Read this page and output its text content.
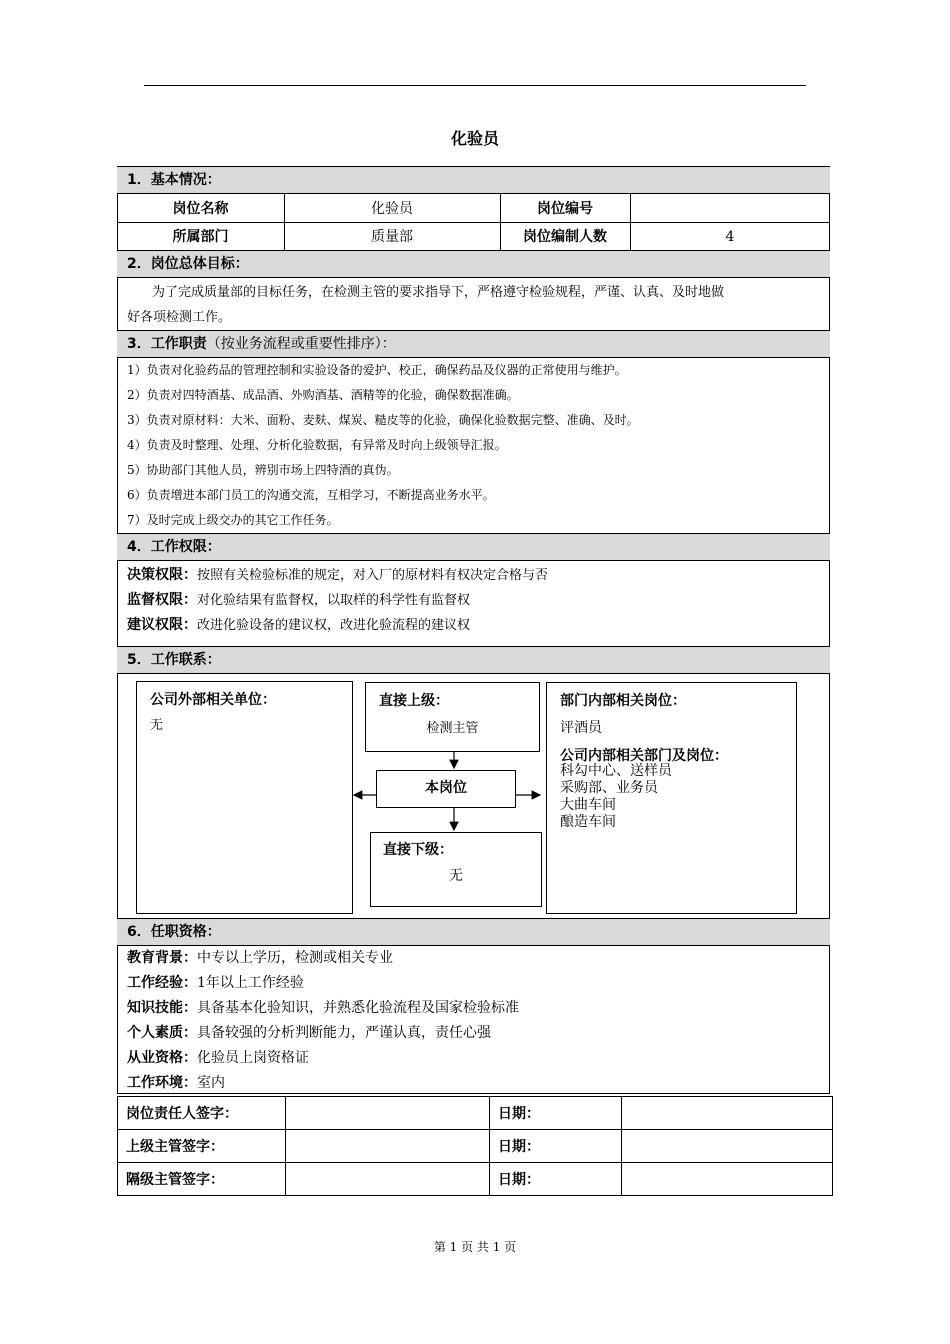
化验员
1．基本情况：
岗位名称	化验员	岗位编号
所属部门	质量部	岗位编制人数	4
2．岗位总体目标：
为了完成质量部的目标任务，在检测主管的要求指导下，严格遵守检验规程，严谨、认真、及时地做
好各项检测工作。
3．工作职责（按业务流程或重要性排序）：
1）负责对化验药品的管理控制和实验设备的爱护、校正，确保药品及仪器的正常使用与维护。
2）负责对四特酒基、成品酒、外购酒基、酒精等的化验，确保数据准确。
3）负责对原材料：大米、面粉、麦麸、煤炭、糙皮等的化验，确保化验数据完整、准确、及时。
4）负责及时整理、处理、分析化验数据，有异常及时向上级领导汇报。
5）协助部门其他人员，辨别市场上四特酒的真伪。
6）负责增进本部门员工的沟通交流，互相学习，不断提高业务水平。
7）及时完成上级交办的其它工作任务。
4．工作权限：
决策权限：按照有关检验标准的规定，对入厂的原材料有权决定合格与否
监督权限：对化验结果有监督权，以取样的科学性有监督权
建议权限：改进化验设备的建议权，改进化验流程的建议权
5．工作联系：
公司外部相关单位：
无
直接上级：
检测主管
本岗位
直接下级：
无
部门内部相关岗位：
评酒员
公司内部相关部门及岗位：
科勾中心、送样员
采购部、业务员
大曲车间
酿造车间
6．任职资格：
教育背景：中专以上学历，检测或相关专业
工作经验：1年以上工作经验
知识技能：具备基本化验知识，并熟悉化验流程及国家检验标准
个人素质：具备较强的分析判断能力，严谨认真，责任心强
从业资格：化验员上岗资格证
工作环境：室内
岗位责任人签字：		日期：	
上级主管签字：		日期：	
隔级主管签字：		日期：	
第 1 页 共 1 页
